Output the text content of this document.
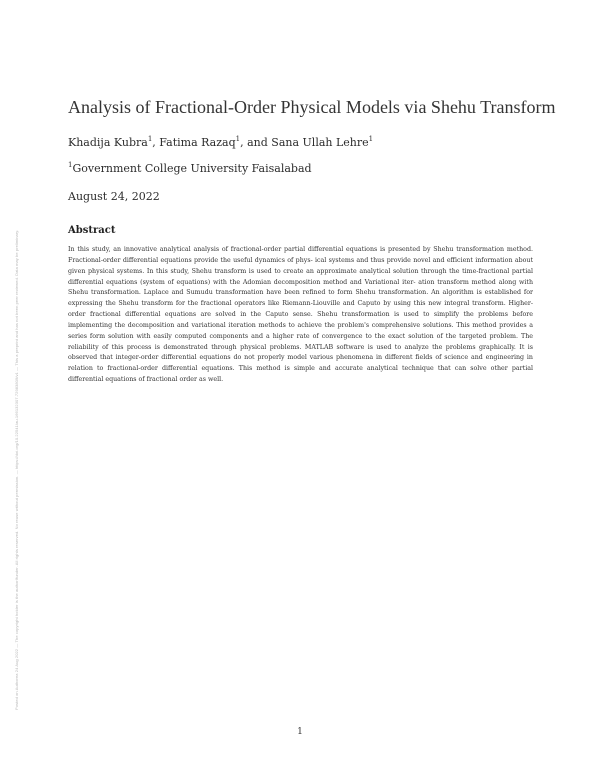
Posted on Authorea 24 Aug 2022 — The copyright holder is the author/funder. All rights reserved. No reuse without permission. — https://doi.org/10.22541/au.166132307.72983809/v1 — This a preprint and has not been peer reviewed. Data may be preliminary.
Analysis of Fractional-Order Physical Models via Shehu Transform
Khadija Kubra$^1$, Fatima Razaq$^1$, and Sana Ullah Lehre$^1$
$^1$Government College University Faisalabad
August 24, 2022
Abstract

In this study, an innovative analytical analysis of fractional-order partial differential equations is presented by Shehu transformation method. Fractional-order differential equations provide the useful dynamics of phys- ical systems and thus provide novel and efficient information about given physical systems. In this study, Shehu transform is used to create an approximate analytical solution through the time-fractional partial differential equations (system of equations) with the Adomian decomposition method and Variational iter- ation transform method along with Shehu transformation. Laplace and Sumudu transformation have been refined to form Shehu transformation. An algorithm is established for expressing the Shehu transform for the fractional operators like Riemann-Liouville and Caputo by using this new integral transform. Higher-order fractional differential equations are solved in the Caputo sense. Shehu transformation is used to simplify the problems before implementing the decomposition and variational iteration methods to achieve the problem's comprehensive solutions. This method provides a series form solution with easily computed components and a higher rate of convergence to the exact solution of the targeted problem. The reliability of this process is demonstrated through physical problems. MATLAB software is used to analyze the problems graphically. It is observed that integer-order differential equations do not properly model various phenomena in different fields of science and engineering in relation to fractional-order differential equations. This method is simple and accurate analytical technique that can solve other partial differential equations of fractional order as well.

1
